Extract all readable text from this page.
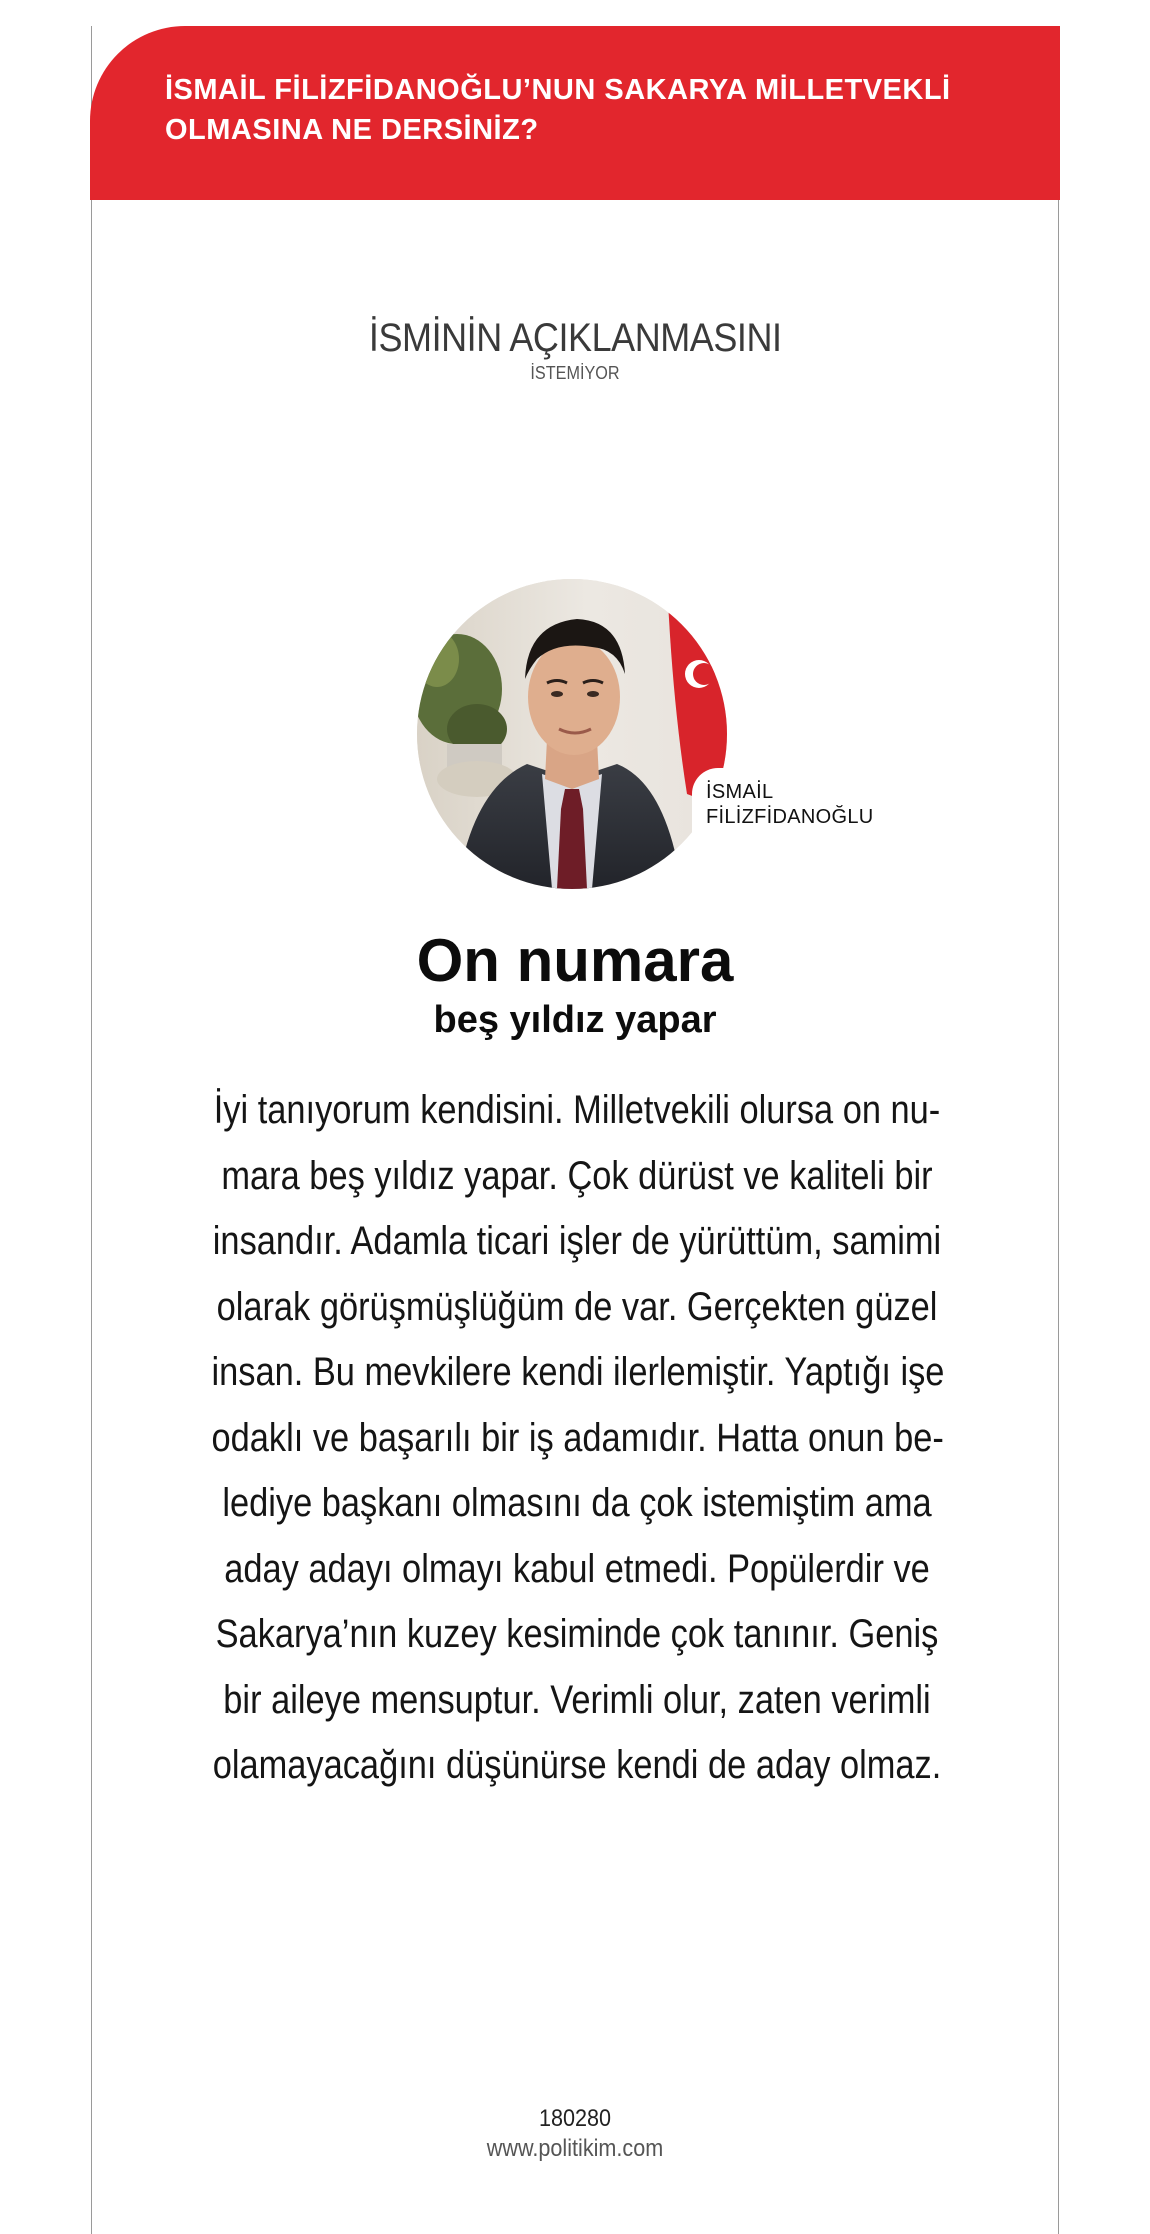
İSMAİL FİLİZFİDANOĞLU’NUN SAKARYA MİLLETVEKLİ
OLMASINA NE DERSİNİZ?

İSMİNİN AÇIKLANMASINI

İSTEMİYOR
İSMAİL
FİLİZFİDANOĞLU

On numara

beş yıldız yapar

İyi tanıyorum kendisini. Milletvekili olursa on nu-
mara beş yıldız yapar. Çok dürüst ve kaliteli bir
insandır. Adamla ticari işler de yürüttüm, samimi
olarak görüşmüşlüğüm de var. Gerçekten güzel
insan. Bu mevkilere kendi ilerlemiştir. Yaptığı işe
odaklı ve başarılı bir iş adamıdır. Hatta onun be-
lediye başkanı olmasını da çok istemiştim ama
aday adayı olmayı kabul etmedi. Popülerdir ve
Sakarya’nın kuzey kesiminde çok tanınır. Geniş
bir aileye mensuptur. Verimli olur, zaten verimli
olamayacağını düşünürse kendi de aday olmaz.

180280
www.politikim.com
